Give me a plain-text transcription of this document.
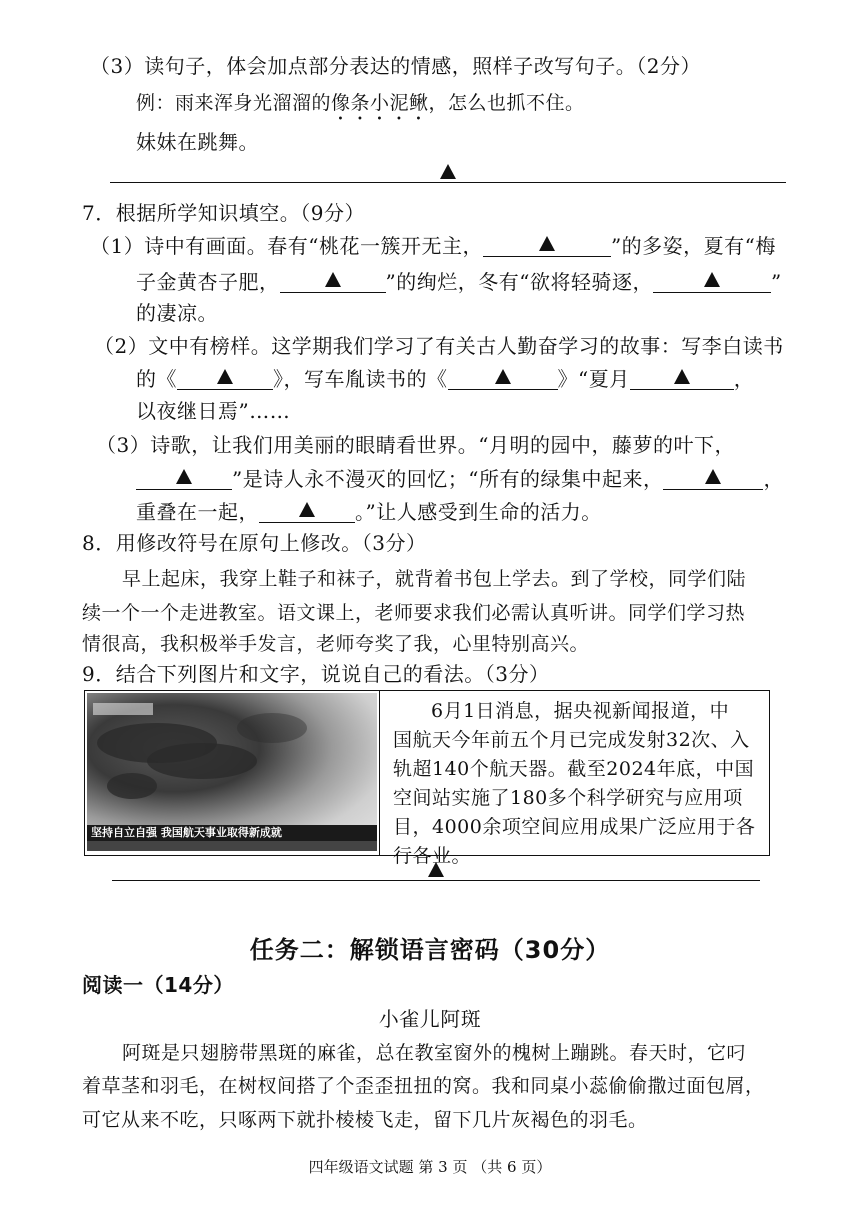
（3）读句子，体会加点部分表达的情感，照样子改写句子。（2分）
例：雨来浑身光溜溜的像条小泥鳅，怎么也抓不住。
妹妹在跳舞。
7．根据所学知识填空。（9分）
（1）诗中有画面。春有“桃花一簇开无主，	”的多姿，夏有“梅
子金黄杏子肥，	”的绚烂，冬有“欲将轻骑逐，	”
的凄凉。
（2）文中有榜样。这学期我们学习了有关古人勤奋学习的故事：写李白读书
的《	》，写车胤读书的《	》“夏月	，
以夜继日焉”……
（3）诗歌，让我们用美丽的眼睛看世界。“月明的园中，藤萝的叶下，
”是诗人永不漫灭的回忆；“所有的绿集中起来，	，
重叠在一起，	。”让人感受到生命的活力。
8．用修改符号在原句上修改。（3分）
早上起床，我穿上鞋子和袜子，就背着书包上学去。到了学校，同学们陆
续一个一个走进教室。语文课上，老师要求我们必需认真听讲。同学们学习热
情很高，我积极举手发言，老师夸奖了我，心里特别高兴。
9．结合下列图片和文字，说说自己的看法。（3分）
坚持自立自强 我国航天事业取得新成就
6月1日消息，据央视新闻报道，中
国航天今年前五个月已完成发射32次、入
轨超140个航天器。截至2024年底，中国
空间站实施了180多个科学研究与应用项
目，4000余项空间应用成果广泛应用于各
行各业。
任务二：解锁语言密码（30分）
阅读一（14分）
小雀儿阿斑
阿斑是只翅膀带黑斑的麻雀，总在教室窗外的槐树上蹦跳。春天时，它叼
着草茎和羽毛，在树杈间搭了个歪歪扭扭的窝。我和同桌小蕊偷偷撒过面包屑，
可它从来不吃，只啄两下就扑棱棱飞走，留下几片灰褐色的羽毛。
四年级语文试题 第 3 页 （共 6 页）
